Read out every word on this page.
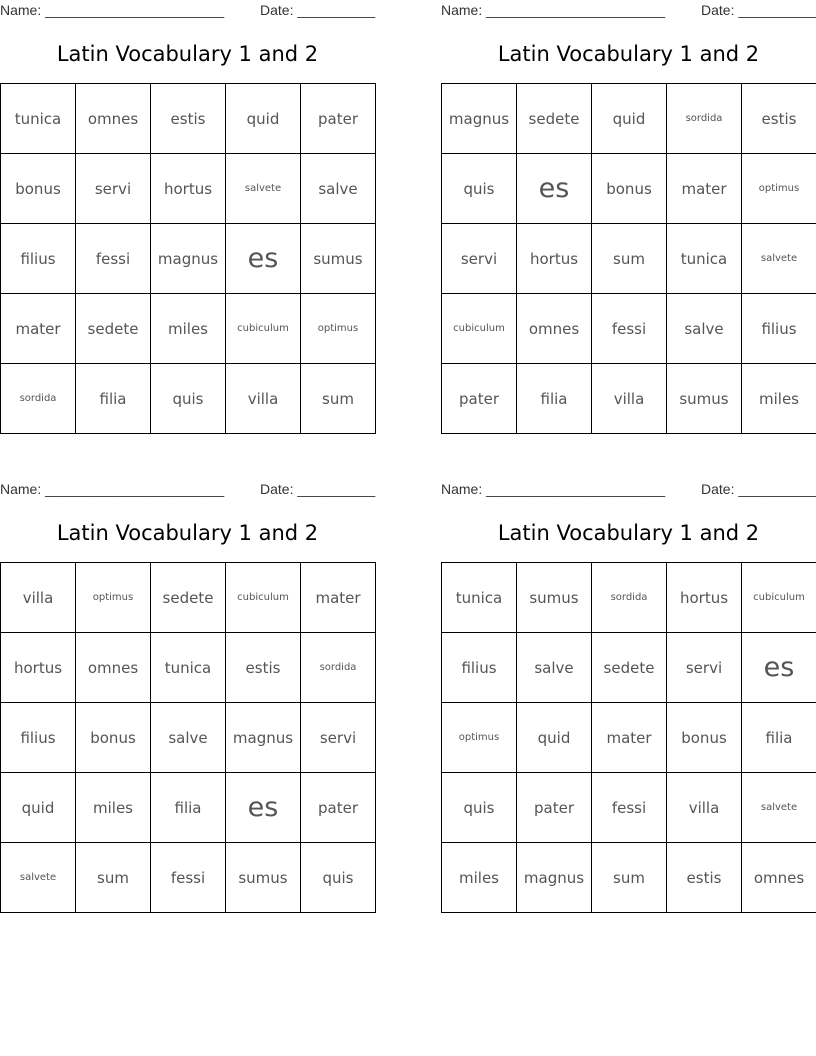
Name: _______________________	Date: __________
Latin Vocabulary 1 and 2
tunica	omnes	estis	quid	pater
bonus	servi	hortus	salvete	salve
filius	fessi	magnus	es	sumus
mater	sedete	miles	cubiculum	optimus
sordida	filia	quis	villa	sum
Name: _______________________	Date: __________
Latin Vocabulary 1 and 2
magnus	sedete	quid	sordida	estis
quis	es	bonus	mater	optimus
servi	hortus	sum	tunica	salvete
cubiculum	omnes	fessi	salve	filius
pater	filia	villa	sumus	miles
Name: _______________________	Date: __________
Latin Vocabulary 1 and 2
villa	optimus	sedete	cubiculum	mater
hortus	omnes	tunica	estis	sordida
filius	bonus	salve	magnus	servi
quid	miles	filia	es	pater
salvete	sum	fessi	sumus	quis
Name: _______________________	Date: __________
Latin Vocabulary 1 and 2
tunica	sumus	sordida	hortus	cubiculum
filius	salve	sedete	servi	es
optimus	quid	mater	bonus	filia
quis	pater	fessi	villa	salvete
miles	magnus	sum	estis	omnes
